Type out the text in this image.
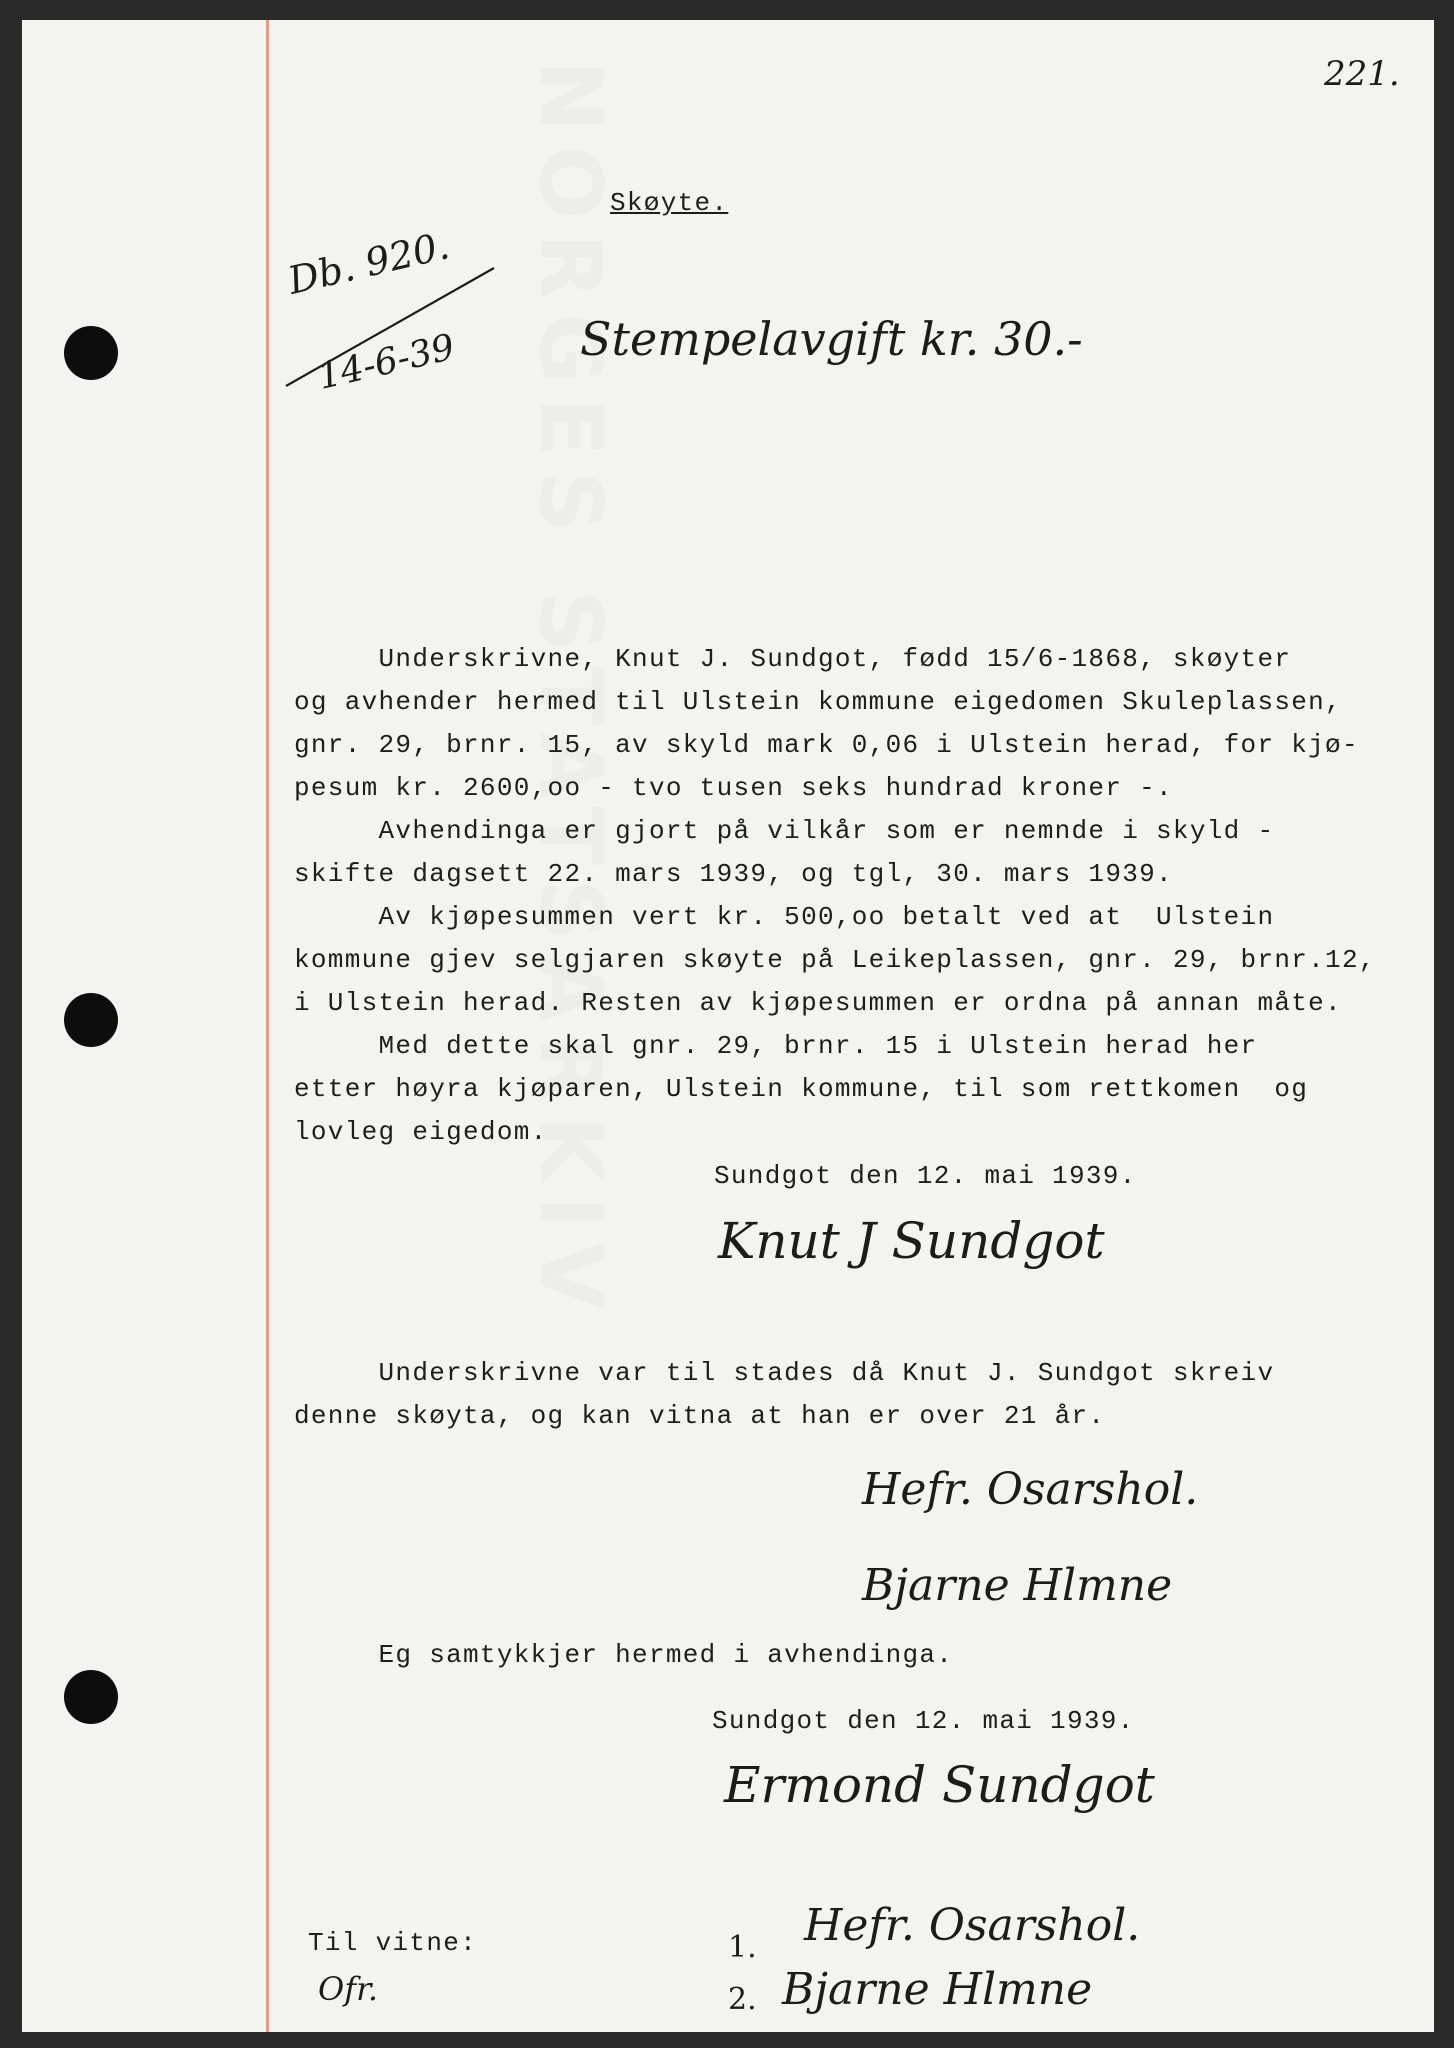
NORGES STATSARKIV	221.
Db. 920.
14-6-39	Stempelavgift kr. 30.-
Skøyte.
Underskrivne, Knut J. Sundgot, fødd 15/6-1868, skøyter
og avhender hermed til Ulstein kommune eigedomen Skuleplassen,
gnr. 29, brnr. 15, av skyld mark 0,06 i Ulstein herad, for kjø-
pesum kr. 2600,oo - tvo tusen seks hundrad kroner -.
Avhendinga er gjort på vilkår som er nemnde i skyld -
skifte dagsett 22. mars 1939, og tgl, 30. mars 1939.
Av kjøpesummen vert kr. 500,oo betalt ved at  Ulstein
kommune gjev selgjaren skøyte på Leikeplassen, gnr. 29, brnr.12,
i Ulstein herad. Resten av kjøpesummen er ordna på annan måte.
Med dette skal gnr. 29, brnr. 15 i Ulstein herad her
etter høyra kjøparen, Ulstein kommune, til som rettkomen  og
lovleg eigedom.
Sundgot den 12. mai 1939.
Knut J Sundgot
Underskrivne var til stades då Knut J. Sundgot skreiv
denne skøyta, og kan vitna at han er over 21 år.
Hefr. Osarshol.
Bjarne Hlmne
Eg samtykkjer hermed i avhendinga.
Sundgot den 12. mai 1939.
Ermond Sundgot
Til vitne:
Ofr.
1. Hefr. Osarshol.
2. Bjarne Hlmne
